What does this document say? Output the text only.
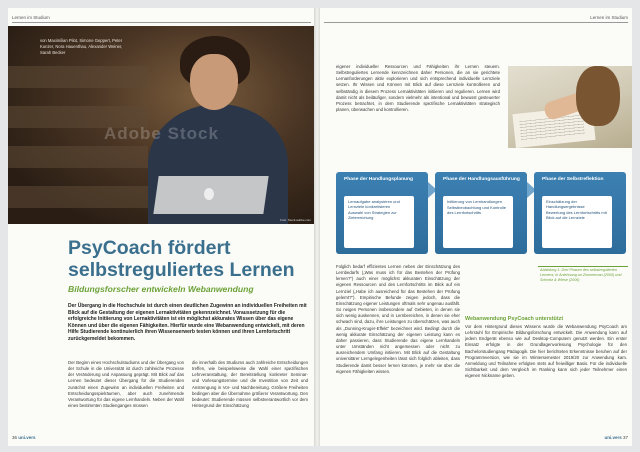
Lernen im Studium
Adobe Stock
Foto: Stock.adobe.com
von Maximilian Pilot, Simone Geppert, Peter Kunzer, Nora Hauenthau, Alexander Weiner, Sarah Becker
PsyCoach fördert selbstreguliertes Lernen
Bildungsforscher entwickeln Webanwendung

Der Übergang in die Hochschule ist durch einen deutlichen Zugewinn an individuellen Freiheiten mit Blick auf die Gestaltung der eigenen Lernaktivitäten gekennzeichnet. Voraussetzung für die erfolgreiche Initiierung von Lernaktivitäten ist ein möglichst akkurates Wissen über das eigene Können und über die eigenen Fähigkeiten. Hierfür wurde eine Webanwendung entwickelt, mit deren Hilfe Studierende kontinuierlich ihren Wissenserwerb testen können und ihren Lernfortschritt zurückgemeldet bekommen.

Der Beginn eines Hochschulstudiums und der Übergang von der Schule in die Universität ist durch zahlreiche Prozesse der Veränderung und Anpassung geprägt. Mit Blick auf das Lernen bedeutet dieser Übergang für die Studierenden zunächst einen Zugewinn an individuellen Freiheiten und Entscheidungsspielräumen, aber auch zunehmende Verantwortung für das eigene Lernhandeln. Neben der Wahl eines bestimmten Studienganges müssen

die innerhalb des Studiums auch zahlreiche Entscheidungen treffen, wie beispielsweise die Wahl einer spezifischen Lehrveranstaltung, der Bereitstellung konkreter Seminar- und Vorlesungstermine und die Investition von Zeit und Anstrengung in Vor- und Nachbereitung. Größere Freiheiten bedingen aber die Übernahme größerer Verantwortung. Den bedeutet: Studierende müssen selbstverantwortlich vor dem Hintergrund der Einschätzung

36 uni.vers
Lernen im Studium

eigener individueller Ressourcen und Fähigkeiten ihr Lernen steuern. Selbstreguliertes Lernende kennzeichnen daher Personen, die an sie gerichtete Lernanforderungen aktiv explorieren und sich entsprechend individuelle Lernziele setzen. Ihr Wissen und Können mit Blick auf diese Lernziele kontrollieren und selbständig in diesem Prozess Lernaktivitäten initiieren und regulieren. Lernen wird damit nicht als beiläufiger, sondern vielmehr als intentional und bewusst gesteuerter Prozess betrachtet, in dem Studierende spezifische Lernaktivitäten strategisch planen, überwachen und kontrollieren.

Phase der Handlungsplanung
Lernaufgabe analysieren und Lernziele konkretisieren
Auswahl von Strategien zur Zielerreichung
Phase der Handlungsausführung
Initiierung von Lernhandlungen
Selbstbeobachtung und Kontrolle des Lernfortschritts
Phase der Selbstreflektion
Einschätzung der Handlungsergebnisse
Bewertung des Lernfortschritts mit Blick auf die Lernziele

Abbildung 1: Drei Phasen des selbstregulierten Lernens; in Anlehnung an Zimmerman (2000) und Schmitz & Wiese (2006)

Folglich bedarf effizientes Lernen neben der Einschätzung des Lernbedarfs („Was muss ich für das Bestehen der Prüfung lernen?“) auch einer möglichst akkuraten Einschätzung der eigenen Ressourcen und des Lernfortschritts im Blick auf ein Lernziel („Habe ich ausreichend für das Bestehen der Prüfung gelernt?“). Empirische Befunde zeigen jedoch, dass die Einschätzung eigener Leistungen oftmals sehr ungenau ausfällt. So neigen Personen insbesondere auf Gebieten, in denen sie sich wenig auskennen, und in Lernbereichen, in denen sie eher schwach sind, dazu, ihre Leistungen zu überschätzen, was auch als „Dunning-Kruger-Effekt“ bezeichnet wird. Bedingt durch die wenig akkurate Einschätzung der eigenen Leistung kann es daher passieren, dass Studierende das eigene Lernhandeln unter Umständen nicht angemessen oder nicht zu ausreichendem Umfang initiieren. Mit Blick auf die Gestaltung universitärer Lerngelegenheiten lässt sich folglich ableiten, dass Studierende damit besser lernen könnten, je mehr sie über die eigenen Fähigkeiten wissen.

Webanwendung PsyCoach unterstützt

Vor dem Hintergrund dieses Wissens wurde die Webanwendung PsyCoach am Lehrstuhl für Empirische Bildungsforschung entwickelt. Die Anwendung kann auf jedem Endgerät ebenso wie auf Desktop-Computern genutzt werden. Ein erster Einsatz erfolgte in der Grundlagenvorlesung Psychologie für den Bachelorstudiengang Pädagogik. Die hier berichteten Erkenntnisse beruhen auf der Programmversion, wie sie im Wintersemester 2019/20 zur Anwendung kam. Anmeldung und Teilnahme erfolgten stets auf freiwilliger Basis. Für die individuelle Sichtbarkeit und dem Vergleich im Ranking kann sich jeder Teilnehmer einen eigenen Nickname geben.

uni.vers 37
